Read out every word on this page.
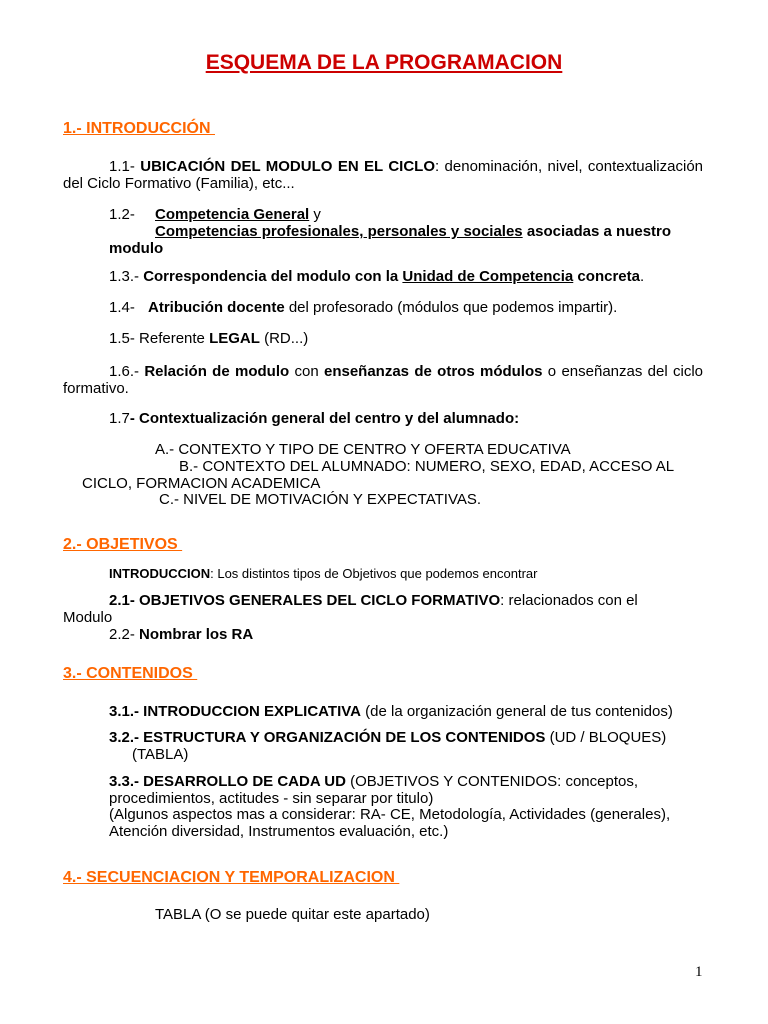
ESQUEMA DE LA PROGRAMACION
1.- INTRODUCCIÓN
1.1- UBICACIÓN DEL MODULO EN EL CICLO: denominación, nivel, contextualización del Ciclo Formativo (Familia), etc...
1.2- Competencia General y
Competencias profesionales, personales y sociales asociadas a nuestro
modulo
1.3.- Correspondencia del modulo con la Unidad de Competencia concreta.
1.4- Atribución docente del profesorado (módulos que podemos impartir).
1.5- Referente LEGAL (RD...)
1.6.- Relación de modulo con enseñanzas de otros módulos o enseñanzas del ciclo formativo.
1.7- Contextualización general del centro y del alumnado:
A.- CONTEXTO Y TIPO DE CENTRO Y OFERTA EDUCATIVA
B.- CONTEXTO DEL ALUMNADO: NUMERO, SEXO, EDAD, ACCESO AL
CICLO, FORMACION ACADEMICA
C.- NIVEL DE MOTIVACIÓN Y EXPECTATIVAS.
2.- OBJETIVOS
INTRODUCCION: Los distintos tipos de Objetivos que podemos encontrar
2.1- OBJETIVOS GENERALES DEL CICLO FORMATIVO: relacionados con el
Modulo
2.2- Nombrar los RA
3.- CONTENIDOS
3.1.- INTRODUCCION EXPLICATIVA (de la organización general de tus contenidos)
3.2.- ESTRUCTURA Y ORGANIZACIÓN DE LOS CONTENIDOS (UD / BLOQUES)
(TABLA)
3.3.- DESARROLLO DE CADA UD (OBJETIVOS Y CONTENIDOS: conceptos,
procedimientos, actitudes - sin separar por titulo)
(Algunos aspectos mas a considerar: RA- CE, Metodología, Actividades (generales),
Atención diversidad, Instrumentos evaluación, etc.)
4.- SECUENCIACION Y TEMPORALIZACION
TABLA (O se puede quitar este apartado)
1
